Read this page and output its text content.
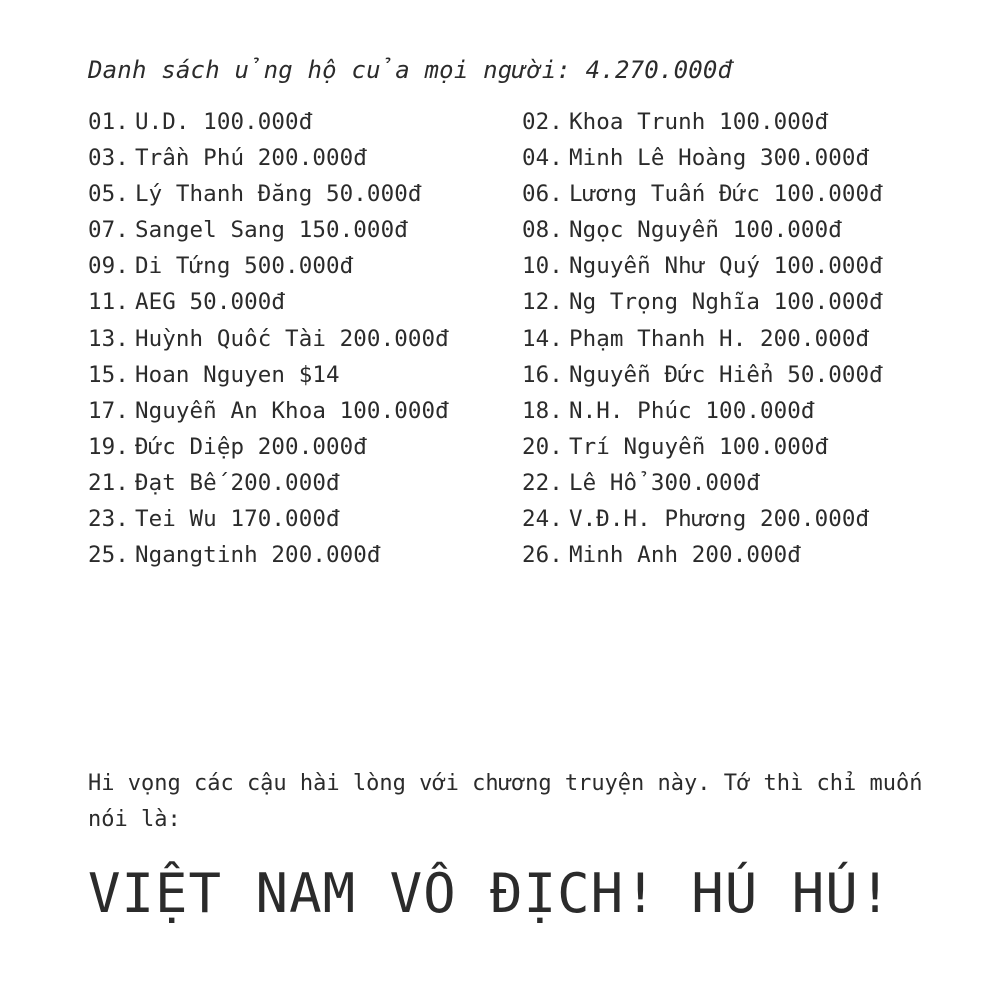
Danh sách ủng hộ của mọi người: 4.270.000đ
01. U.D. 100.000đ
03. Trần Phú 200.000đ
05. Lý Thanh Đăng 50.000đ
07. Sangel Sang 150.000đ
09. Di Tứng 500.000đ
11. AEG 50.000đ
13. Huỳnh Quốc Tài 200.000đ
15. Hoan Nguyen $14
17. Nguyễn An Khoa 100.000đ
19. Đức Diệp 200.000đ
21. Đạt Bế 200.000đ
23. Tei Wu 170.000đ
25. Ngangtinh 200.000đ
02. Khoa Trunh 100.000đ
04. Minh Lê Hoàng 300.000đ
06. Lương Tuấn Đức 100.000đ
08. Ngọc Nguyễn 100.000đ
10. Nguyễn Như Quý 100.000đ
12. Ng Trọng Nghĩa 100.000đ
14. Phạm Thanh H. 200.000đ
16. Nguyễn Đức Hiển 50.000đ
18. N.H. Phúc 100.000đ
20. Trí Nguyễn 100.000đ
22. Lê Hổ 300.000đ
24. V.Đ.H. Phương 200.000đ
26. Minh Anh 200.000đ
Hi vọng các cậu hài lòng với chương truyện này. Tớ thì chỉ muốn nói là:
VIỆT NAM VÔ ĐỊCH! HÚ HÚ!
